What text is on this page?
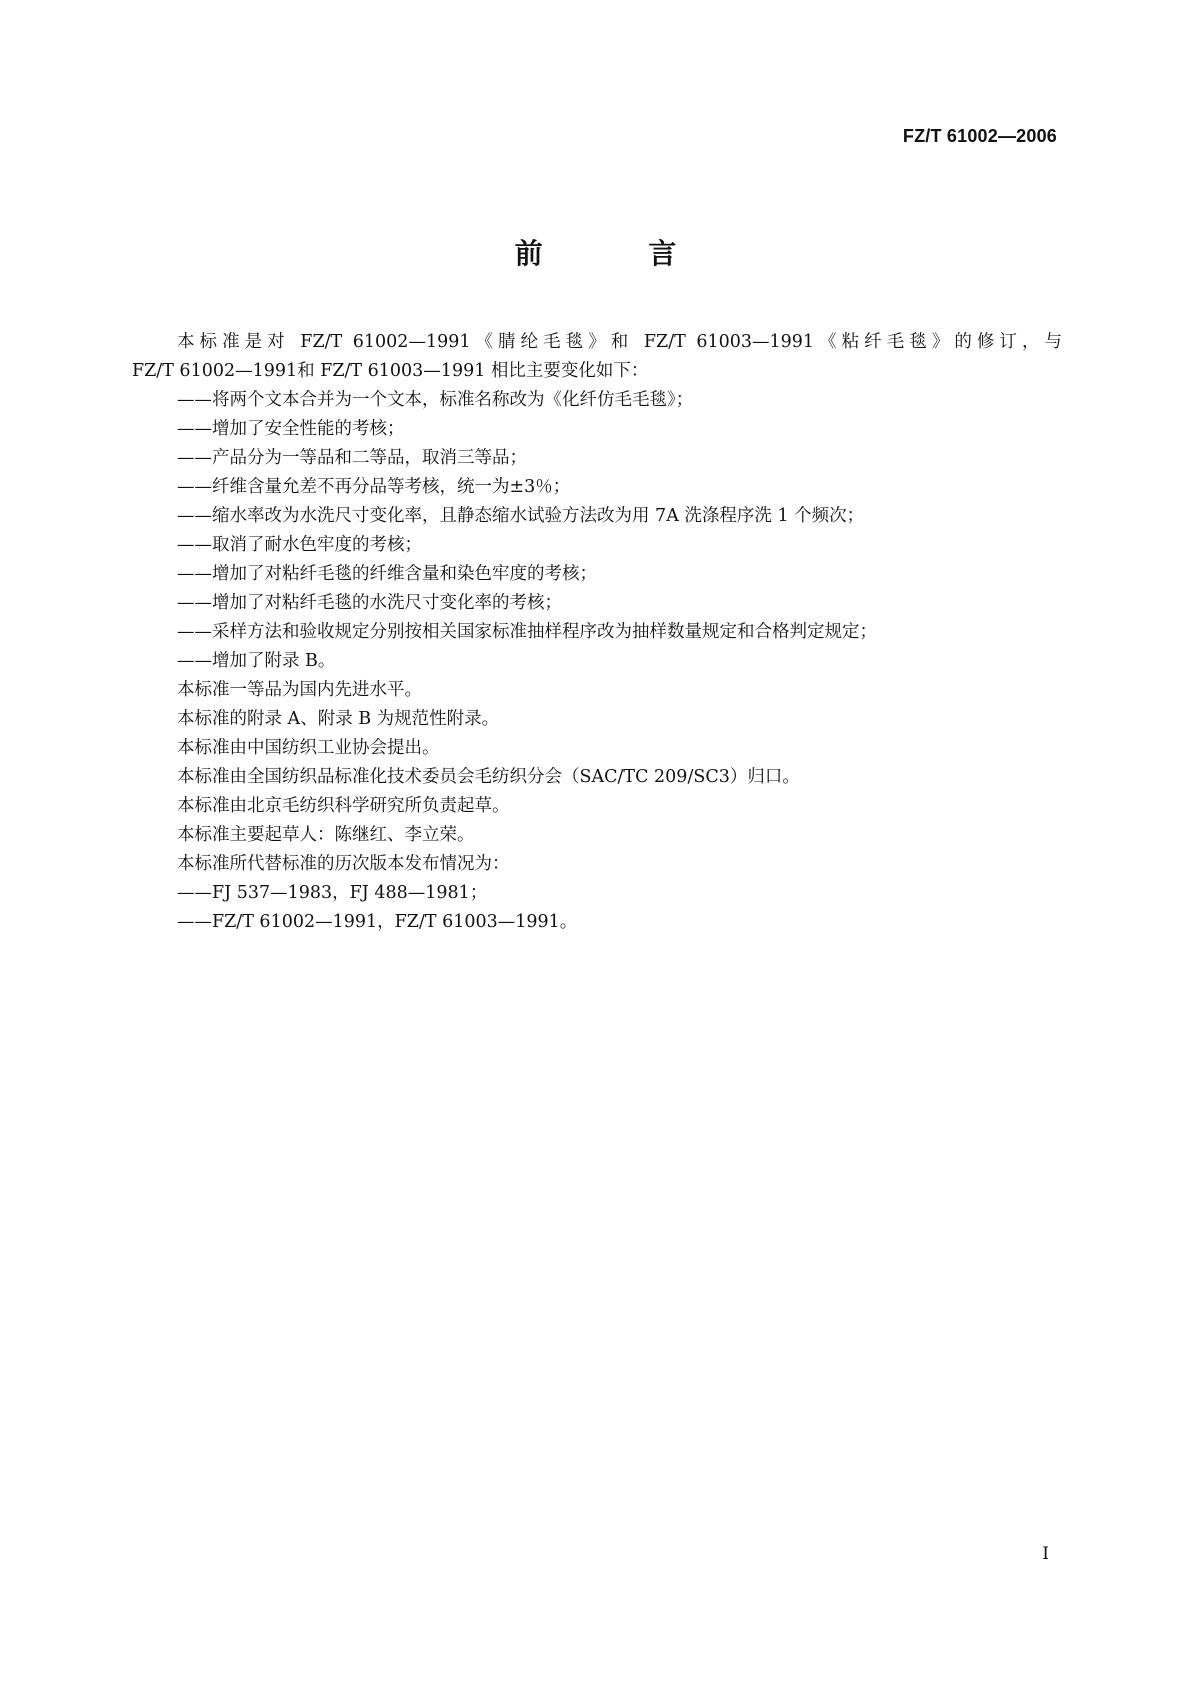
FZ/T 61002—2006
前 言
本标准是对 FZ/T 61002—1991《腈纶毛毯》和 FZ/T 61003—1991《粘纤毛毯》的修订，与
FZ/T 61002—1991和 FZ/T 61003—1991 相比主要变化如下：
——将两个文本合并为一个文本，标准名称改为《化纤仿毛毛毯》；
——增加了安全性能的考核；
——产品分为一等品和二等品，取消三等品；
——纤维含量允差不再分品等考核，统一为±3％；
——缩水率改为水洗尺寸变化率，且静态缩水试验方法改为用 7A 洗涤程序洗 1 个频次；
——取消了耐水色牢度的考核；
——增加了对粘纤毛毯的纤维含量和染色牢度的考核；
——增加了对粘纤毛毯的水洗尺寸变化率的考核；
——采样方法和验收规定分别按相关国家标准抽样程序改为抽样数量规定和合格判定规定；
——增加了附录 B。
本标准一等品为国内先进水平。
本标准的附录 A、附录 B 为规范性附录。
本标准由中国纺织工业协会提出。
本标准由全国纺织品标准化技术委员会毛纺织分会（SAC/TC 209/SC3）归口。
本标准由北京毛纺织科学研究所负责起草。
本标准主要起草人：陈继红、李立荣。
本标准所代替标准的历次版本发布情况为：
——FJ 537—1983，FJ 488—1981；
——FZ/T 61002—1991，FZ/T 61003—1991。
I
